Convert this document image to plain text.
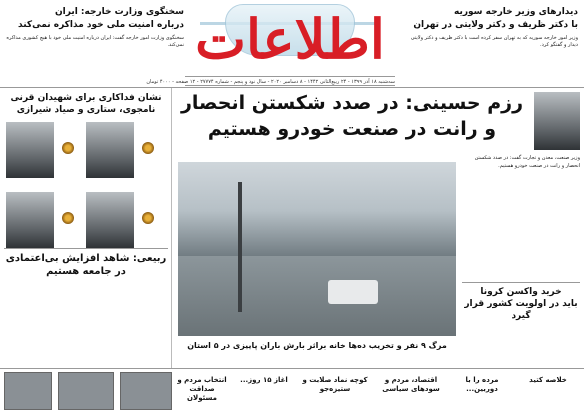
اطلاعات
سه‌شنبه ۱۸ آذر ۱۳۹۹ - ۲۴ ربیع‌الثانی ۱۴۴۲ - ۸ دسامبر ۲۰۲۰ - سال نود و پنجم - شماره ۲۷۷۷۴ - ۱۲ صفحه - ۴۰۰۰ تومان
دیدارهای وزیر خارجه سوریه
با دکتر ظریف و دکتر ولایتی در تهران
وزیر امور خارجه سوریه که به تهران سفر کرده است با دکتر ظریف و دکتر ولایتی دیدار و گفتگو کرد.
سخنگوی وزارت خارجه: ایران
درباره امنیت ملی خود مذاکره نمی‌کند
سخنگوی وزارت امور خارجه گفت: ایران درباره امنیت ملی خود با هیچ کشوری مذاکره نمی‌کند.
رزم حسینی: در صدد شکستن انحصار
و رانت در صنعت خودرو هستیم
وزیر صنعت، معدن و تجارت گفت: در صدد شکستن انحصار و رانت در صنعت خودرو هستیم.
خرید واکسن کرونا
باید در اولویت کشور قرار گیرد
مرگ ۹ نفر و تخریب ده‌ها خانه براثر بارش باران پاییزی در ۵ استان
نشان فداکاری برای شهیدان قرنی
نامجوی، ستاری و صیاد شیرازی
ربیعی: شاهد افزایش بی‌اعتمادی
در جامعه هستیم
خلاصه کتید
مرده را با دوربین...
اقتصاد، مردم و سودهای سیاسی
کوچه نماد صلابت و ستیزه‌جو
اغاز ۱۵ روز...
انتخاب مردم و صداقت مسئولان
